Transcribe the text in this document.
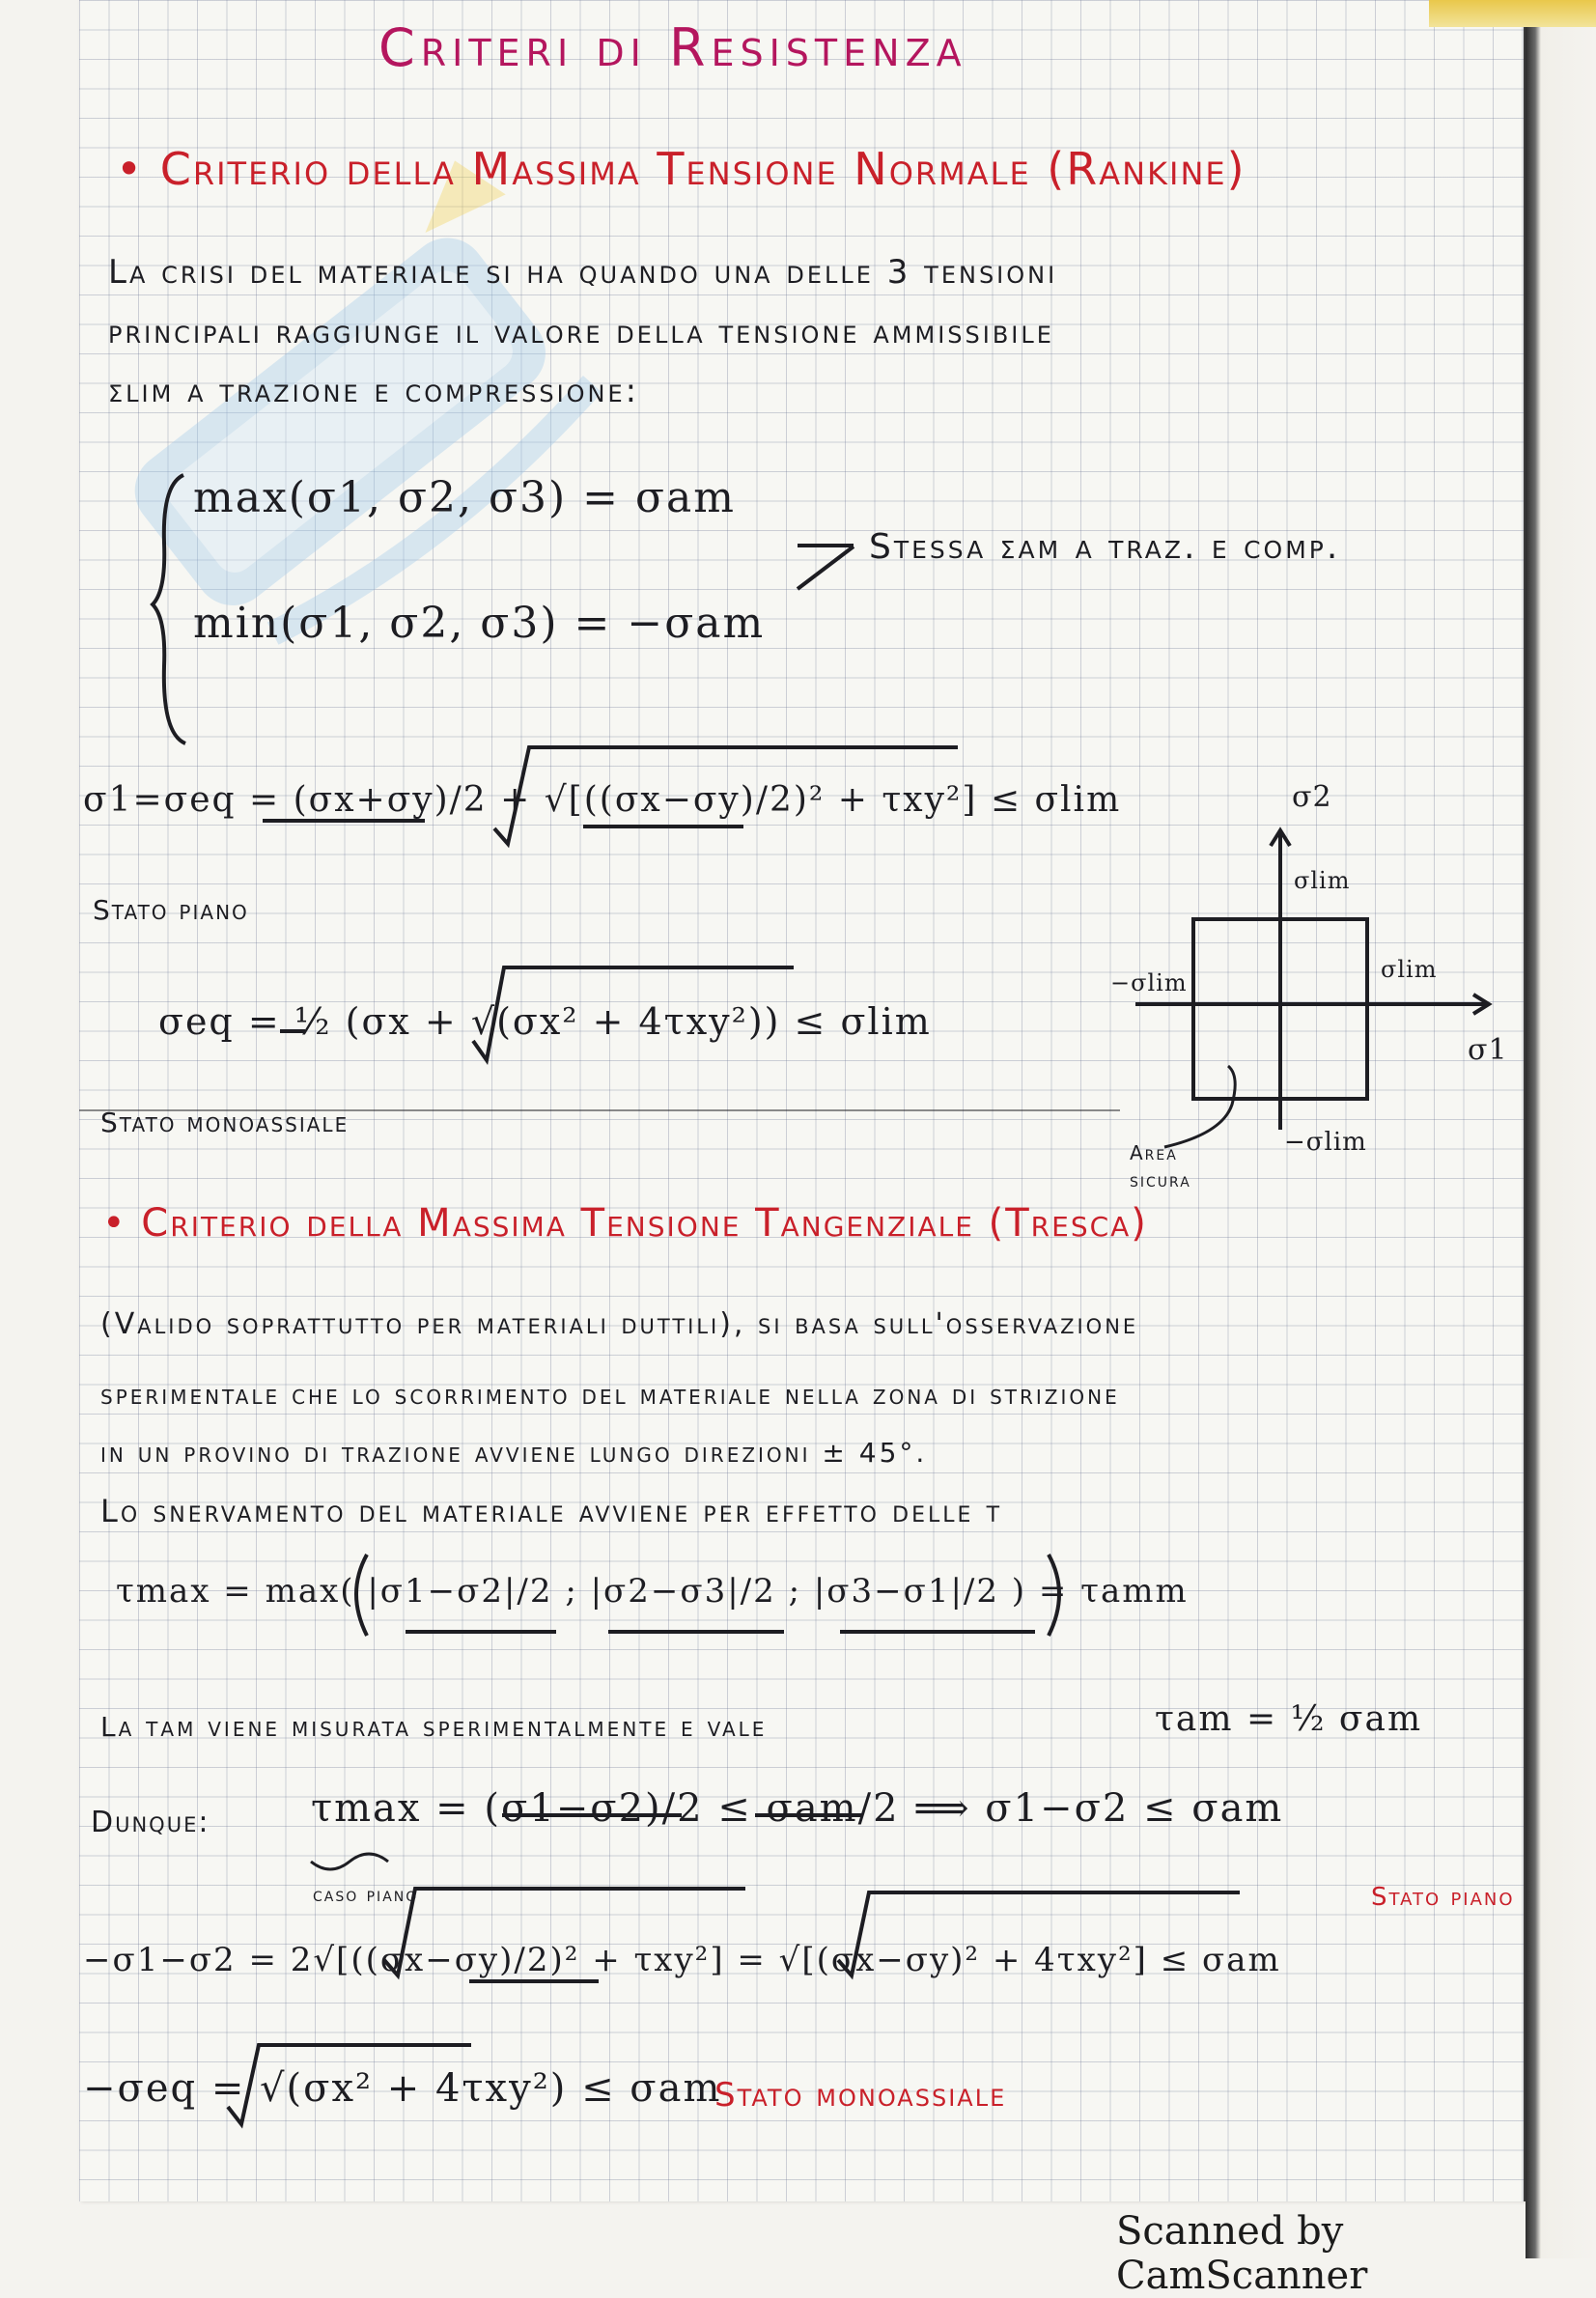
Criteri di Resistenza
• Criterio della Massima Tensione Normale (Rankine)
La crisi del materiale si ha quando una delle 3 tensioni
principali raggiunge il valore della tensione ammissibile
σlim a trazione e compressione:
max(σ1, σ2, σ3) = σam
min(σ1, σ2, σ3) = −σam
Stessa σam a traz. e comp.
σ1=σeq = (σx+σy)/2 + √[((σx−σy)/2)² + τxy²] ≤ σlim
Stato piano
σeq = ½ (σx + √(σx² + 4τxy²)) ≤ σlim
Stato monoassiale
σ2
σlim
σlim
−σlim
σ1
−σlim
Area
sicura
• Criterio della Massima Tensione Tangenziale (Tresca)
(Valido soprattutto per materiali duttili), si basa sull'osservazione
sperimentale che lo scorrimento del materiale nella zona di strizione
in un provino di trazione avviene lungo direzioni ± 45°.
Lo snervamento del materiale avviene per effetto delle τ
τmax = max( |σ1−σ2|/2 ; |σ2−σ3|/2 ; |σ3−σ1|/2 ) = τamm
La τam viene misurata sperimentalmente e vale	τam = ½ σam
Dunque:	τmax = (σ1−σ2)/2 ≤ σam/2 ⟹ σ1−σ2 ≤ σam
caso piano
−σ1−σ2 = 2√[((σx−σy)/2)² + τxy²] = √[(σx−σy)² + 4τxy²] ≤ σam
Stato piano
−σeq = √(σx² + 4τxy²) ≤ σam
Stato monoassiale
Scanned by CamScanner
